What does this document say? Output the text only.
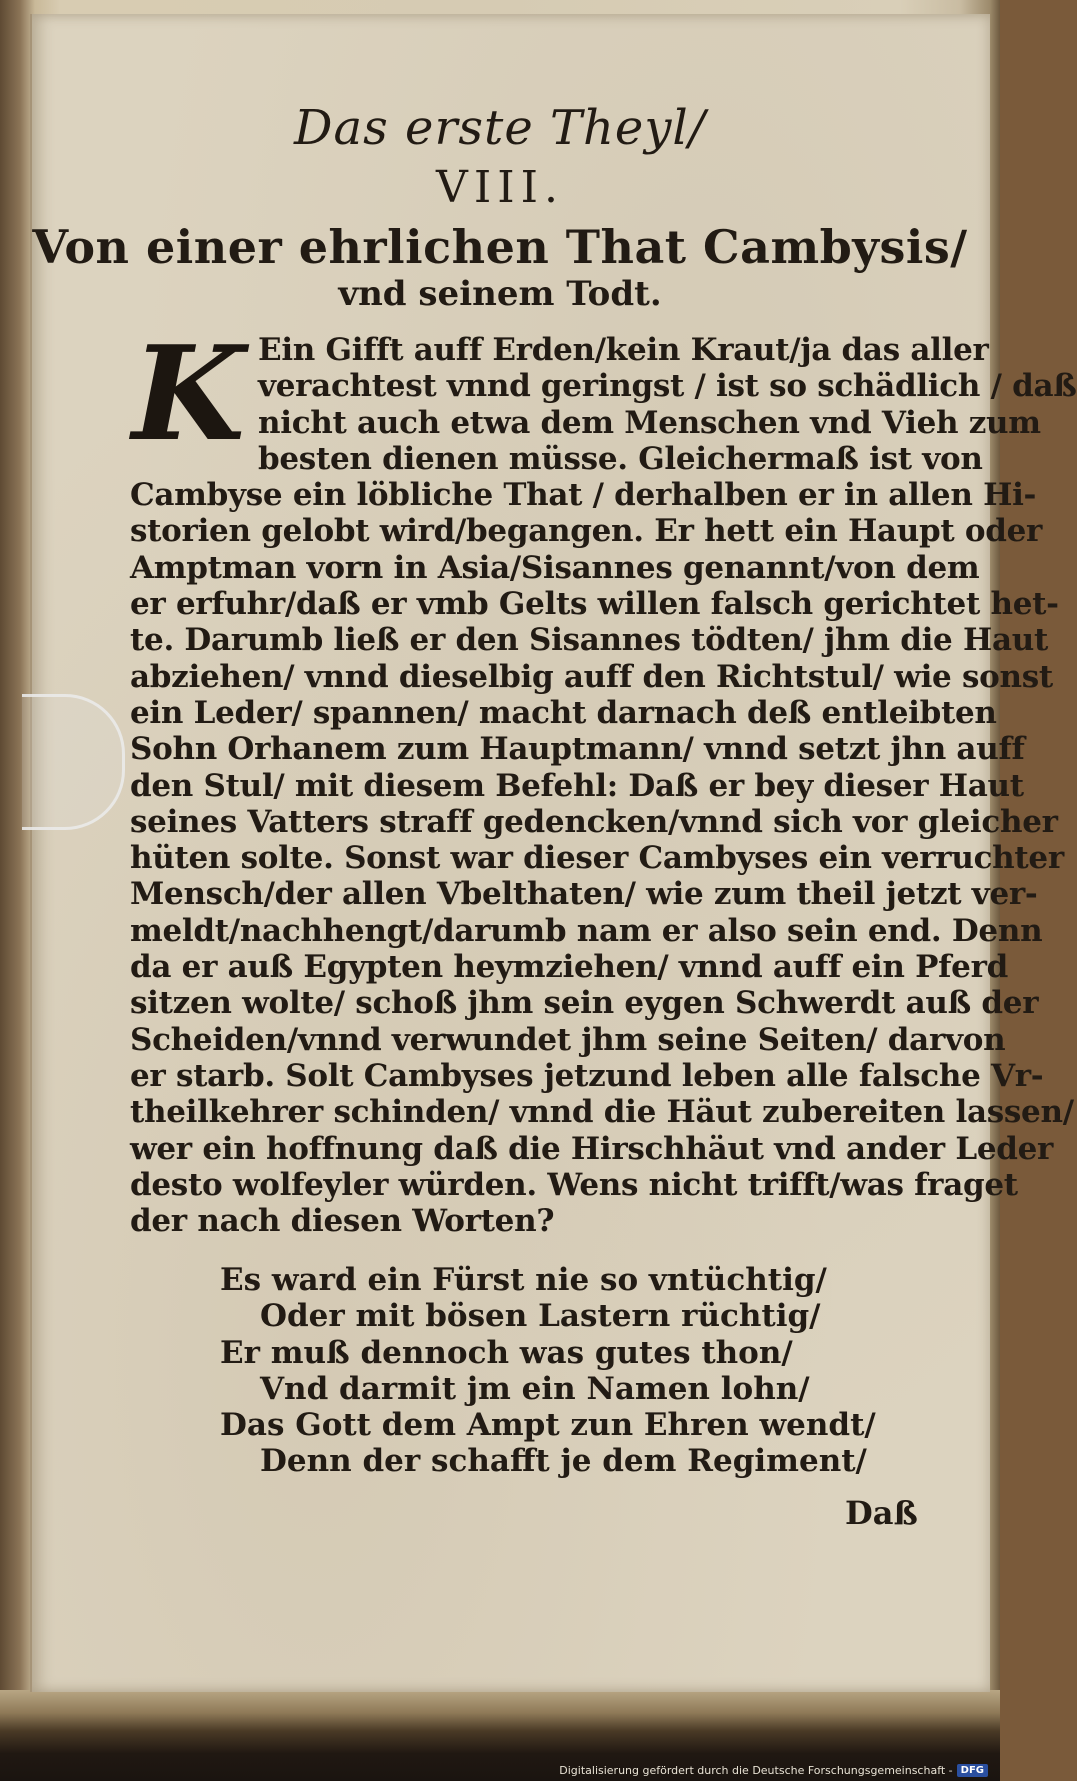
Das erste Theyl/
VIII.
Von einer ehrlichen That Cambysis/
vnd seinem Todt.
K Ein Gifft auff Erden/kein Kraut/ja das aller
verachtest vnnd geringst / ist so schädlich / daß
nicht auch etwa dem Menschen vnd Vieh zum
besten dienen müsse. Gleichermaß ist von
Cambyse ein löbliche That / derhalben er in allen Hi-
storien gelobt wird/begangen. Er hett ein Haupt oder
Amptman vorn in Asia/Sisannes genannt/von dem
er erfuhr/daß er vmb Gelts willen falsch gerichtet het-
te. Darumb ließ er den Sisannes tödten/ jhm die Haut
abziehen/ vnnd dieselbig auff den Richtstul/ wie sonst
ein Leder/ spannen/ macht darnach deß entleibten
Sohn Orhanem zum Hauptmann/ vnnd setzt jhn auff
den Stul/ mit diesem Befehl: Daß er bey dieser Haut
seines Vatters straff gedencken/vnnd sich vor gleicher
hüten solte. Sonst war dieser Cambyses ein verruchter
Mensch/der allen Vbelthaten/ wie zum theil jetzt ver-
meldt/nachhengt/darumb nam er also sein end. Denn
da er auß Egypten heymziehen/ vnnd auff ein Pferd
sitzen wolte/ schoß jhm sein eygen Schwerdt auß der
Scheiden/vnnd verwundet jhm seine Seiten/ darvon
er starb. Solt Cambyses jetzund leben alle falsche Vr-
theilkehrer schinden/ vnnd die Häut zubereiten lassen/
wer ein hoffnung daß die Hirschhäut vnd ander Leder
desto wolfeyler würden. Wens nicht trifft/was fraget
der nach diesen Worten?
Es ward ein Fürst nie so vntüchtig/
Oder mit bösen Lastern rüchtig/
Er muß dennoch was gutes thon/
Vnd darmit jm ein Namen lohn/
Das Gott dem Ampt zun Ehren wendt/
Denn der schafft je dem Regiment/
Daß
Digitalisierung gefördert durch die Deutsche Forschungsgemeinschaft - DFG
